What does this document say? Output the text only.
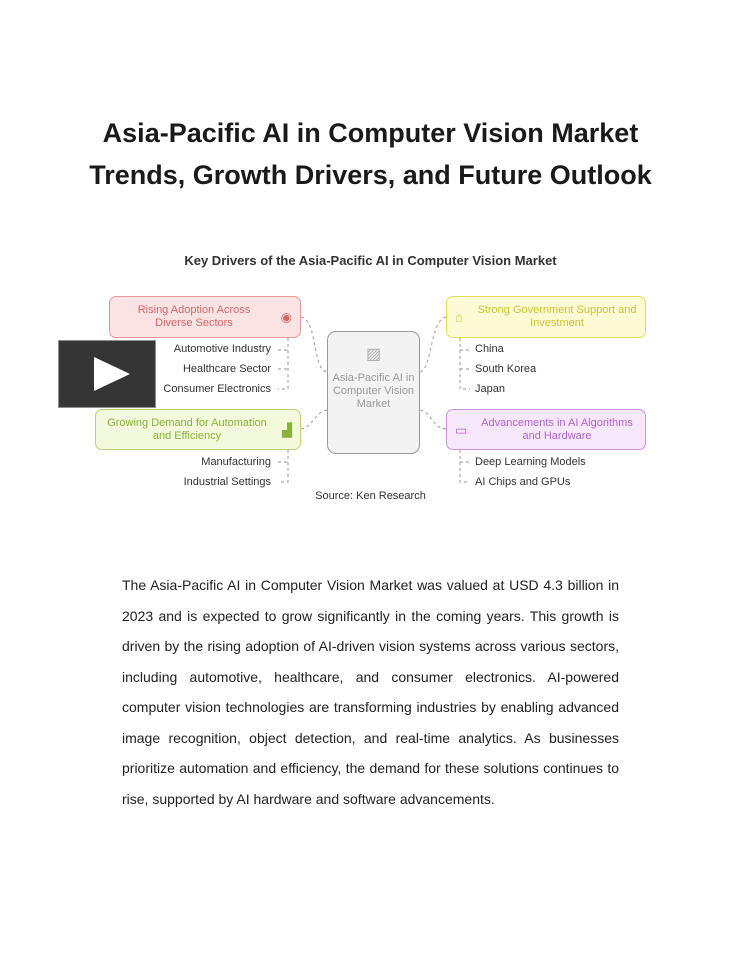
Asia-Pacific AI in Computer Vision Market
Trends, Growth Drivers, and Future Outlook
Key Drivers of the Asia-Pacific AI in Computer Vision Market
Rising Adoption Across Diverse Sectors	◉
Growing Demand for Automation and Efficiency	▟
⌂ Strong Government Support and Investment
▭	Advancements in AI Algorithms and Hardware
▨
Asia-Pacific AI in Computer Vision Market
Automotive Industry
Healthcare Sector
Consumer Electronics
Manufacturing
Industrial Settings
China
South Korea
Japan
Deep Learning Models
AI Chips and GPUs
Source: Ken Research
The Asia-Pacific AI in Computer Vision Market was valued at USD 4.3 billion in 2023 and is expected to grow significantly in the coming years. This growth is driven by the rising adoption of AI-driven vision systems across various sectors, including automotive, healthcare, and consumer electronics. AI-powered computer vision technologies are transforming industries by enabling advanced image recognition, object detection, and real-time analytics. As businesses prioritize automation and efficiency, the demand for these solutions continues to rise, supported by AI hardware and software advancements.
